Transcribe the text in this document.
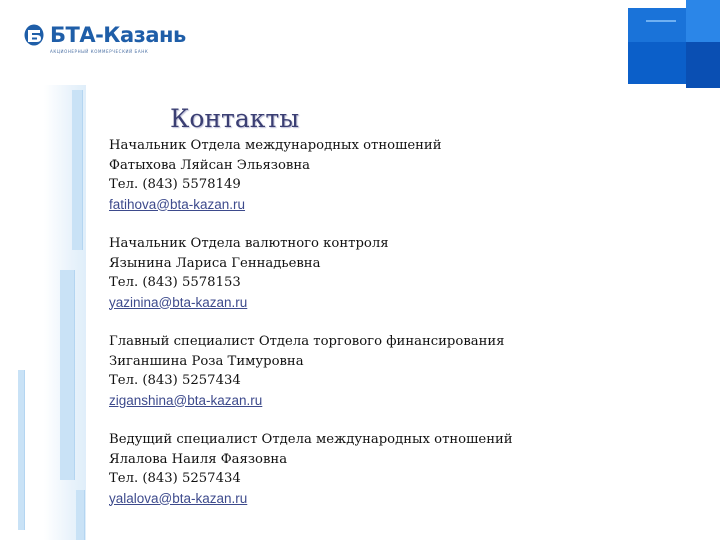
БТА-Казань
АКЦИОНЕРНЫЙ КОММЕРЧЕСКИЙ БАНК
Контакты
Начальник Отдела международных отношений
Фатыхова Ляйсан Эльязовна
Тел. (843) 5578149
fatihova@bta-kazan.ru
Начальник Отдела валютного контроля
Язынина Лариса Геннадьевна
Тел. (843) 5578153
yazinina@bta-kazan.ru
Главный специалист Отдела торгового финансирования
Зиганшина Роза Тимуровна
Тел. (843) 5257434
ziganshina@bta-kazan.ru
Ведущий специалист Отдела международных отношений
Ялалова Наиля Фаязовна
Тел. (843) 5257434
yalalova@bta-kazan.ru
